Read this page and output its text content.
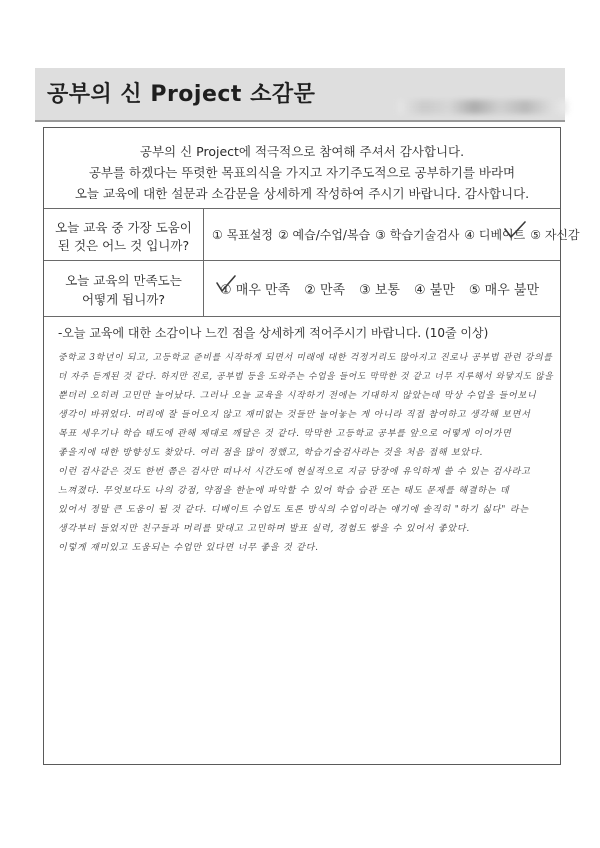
공부의 신 Project 소감문
공부의 신 Project에 적극적으로 참여해 주셔서 감사합니다.
공부를 하겠다는 뚜렷한 목표의식을 가지고 자기주도적으로 공부하기를 바라며
오늘 교육에 대한 설문과 소감문을 상세하게 작성하여 주시기 바랍니다. 감사합니다.
오늘 교육 중 가장 도움이
된 것은 어느 것 입니까?
① 목표설정 ② 예습/수업/복습 ③ 학습기술검사 ④ 디베이트 ⑤ 자신감
오늘 교육의 만족도는
어떻게 됩니까?
① 매우 만족 ② 만족 ③ 보통 ④ 불만 ⑤ 매우 불만
-오늘 교육에 대한 소감이나 느낀 점을 상세하게 적어주시기 바랍니다. (10줄 이상)
중학교 3학년이 되고, 고등학교 준비를 시작하게 되면서 미래에 대한 걱정거리도 많아지고 진로나 공부법 관련 강의를
더 자주 듣게된 것 같다. 하지만 진로, 공부법 등을 도와주는 수업을 들어도 막막한 것 같고 너무 지루해서 와닿지도 않을
뿐더러 오히려 고민만 늘어났다. 그러나 오늘 교육을 시작하기 전에는 기대하지 않았는데 막상 수업을 들어보니
생각이 바뀌었다. 머리에 잘 들어오지 않고 재미없는 것들만 늘어놓는 게 아니라 직접 참여하고 생각해 보면서
목표 세우기나 학습 태도에 관해 제대로 깨달은 것 같다. 막막한 고등학교 공부를 앞으로 어떻게 이어가면
좋을지에 대한 방향성도 찾았다. 여러 점을 많이 정했고, 학습기술검사라는 것을 처음 접해 보았다.
이런 검사같은 것도 한번 쯤은 검사만 떠나서 시간도에 현실적으로 지금 당장에 유익하게 쓸 수 있는 검사라고
느껴졌다. 무엇보다도 나의 강점, 약점을 한눈에 파악할 수 있어 학습 습관 또는 태도 문제를 해결하는 데
있어서 정말 큰 도움이 될 것 같다. 디베이트 수업도 토론 방식의 수업이라는 얘기에 솔직히 "하기 싫다" 라는
생각부터 들었지만 친구들과 머리를 맞대고 고민하며 발표 실력, 경험도 쌓을 수 있어서 좋았다.
이렇게 재미있고 도움되는 수업만 있다면 너무 좋을 것 같다.
